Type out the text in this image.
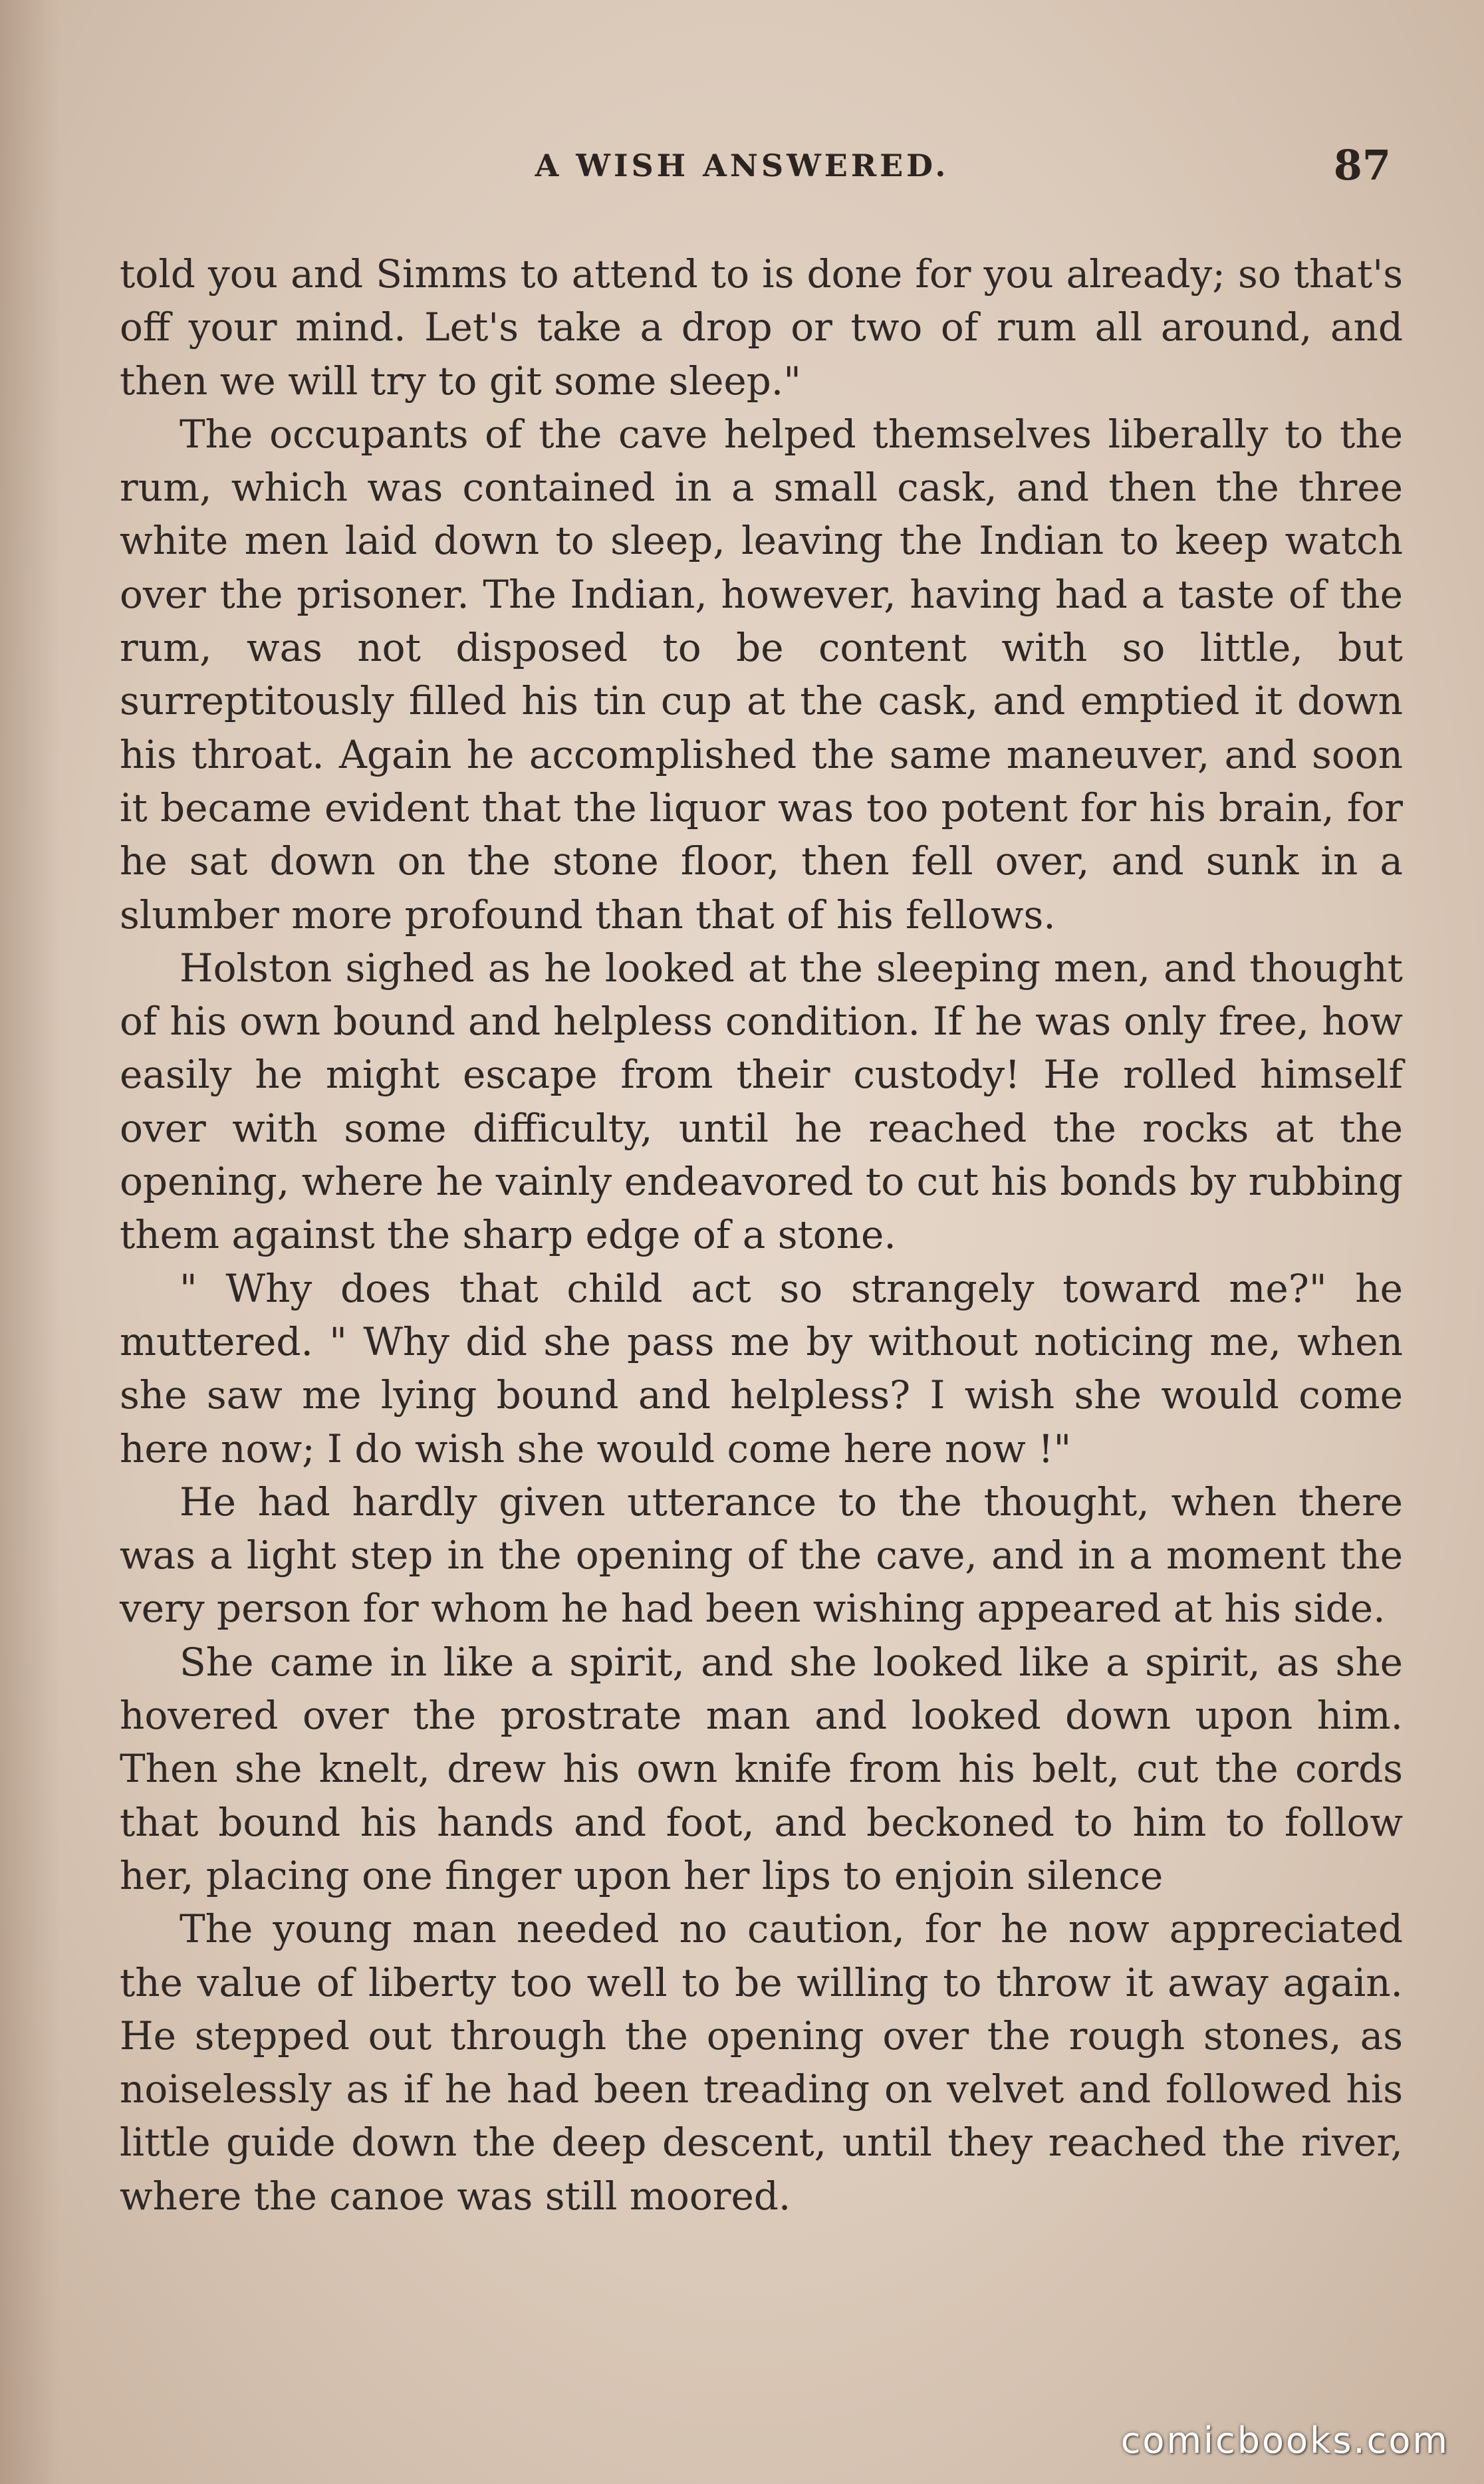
A WISH ANSWERED.	87

told you and Simms to attend to is done for you already; so that's off your mind. Let's take a drop or two of rum all around, and then we will try to git some sleep."

The occupants of the cave helped themselves liberally to the rum, which was contained in a small cask, and then the three white men laid down to sleep, leaving the Indian to keep watch over the prisoner. The Indian, however, having had a taste of the rum, was not disposed to be content with so little, but surreptitously filled his tin cup at the cask, and emptied it down his throat. Again he accomplished the same maneuver, and soon it became evident that the liquor was too potent for his brain, for he sat down on the stone floor, then fell over, and sunk in a slumber more profound than that of his fellows.

Holston sighed as he looked at the sleeping men, and thought of his own bound and helpless condition. If he was only free, how easily he might escape from their custody! He rolled himself over with some difficulty, until he reached the rocks at the opening, where he vainly endeavored to cut his bonds by rubbing them against the sharp edge of a stone.

" Why does that child act so strangely toward me?" he muttered. " Why did she pass me by without noticing me, when she saw me lying bound and helpless? I wish she would come here now; I do wish she would come here now !"

He had hardly given utterance to the thought, when there was a light step in the opening of the cave, and in a moment the very person for whom he had been wishing appeared at his side.

She came in like a spirit, and she looked like a spirit, as she hovered over the prostrate man and looked down upon him. Then she knelt, drew his own knife from his belt, cut the cords that bound his hands and foot, and beckoned to him to follow her, placing one finger upon her lips to enjoin silence

The young man needed no caution, for he now appreciated the value of liberty too well to be willing to throw it away again. He stepped out through the opening over the rough stones, as noiselessly as if he had been treading on velvet and followed his little guide down the deep descent, until they reached the river, where the canoe was still moored.

comicbooks.com
